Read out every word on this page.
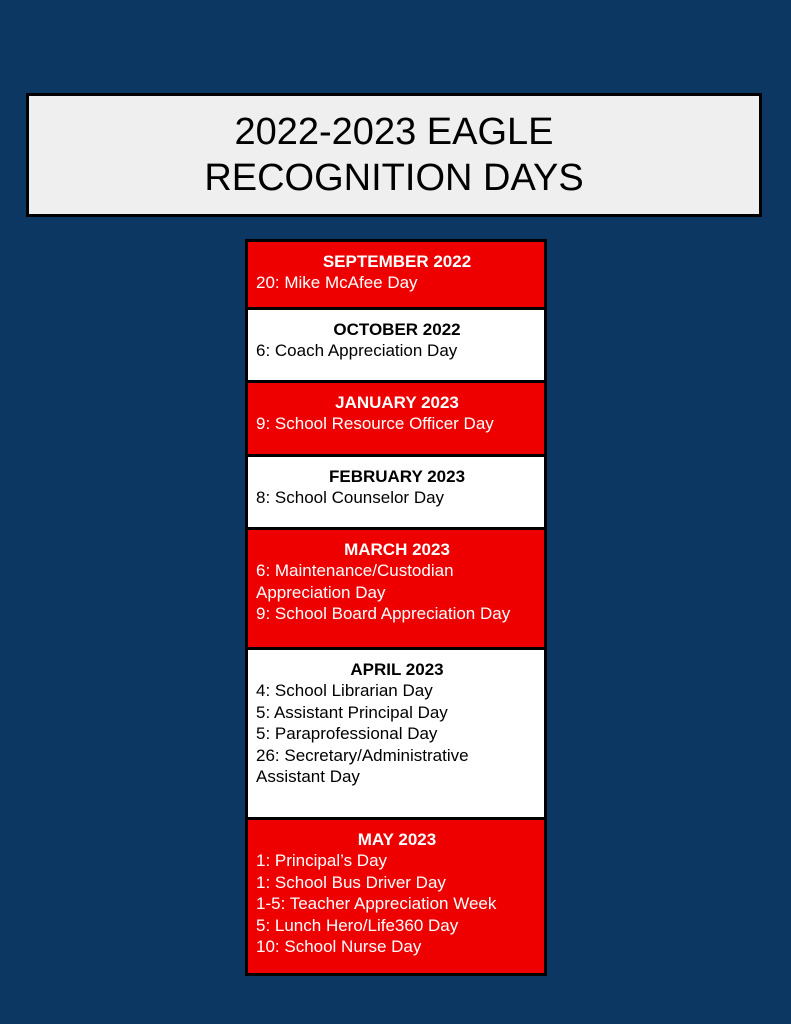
2022-2023 EAGLE
RECOGNITION DAYS
SEPTEMBER 2022
20: Mike McAfee Day
OCTOBER 2022
6: Coach Appreciation Day
JANUARY 2023
9: School Resource Officer Day
FEBRUARY 2023
8: School Counselor Day
MARCH 2023
6: Maintenance/Custodian Appreciation Day
9: School Board Appreciation Day
APRIL 2023
4: School Librarian Day
5: Assistant Principal Day
5: Paraprofessional Day
26: Secretary/Administrative Assistant Day
MAY 2023
1: Principal’s Day
1: School Bus Driver Day
1-5: Teacher Appreciation Week
5: Lunch Hero/Life360 Day
10: School Nurse Day
